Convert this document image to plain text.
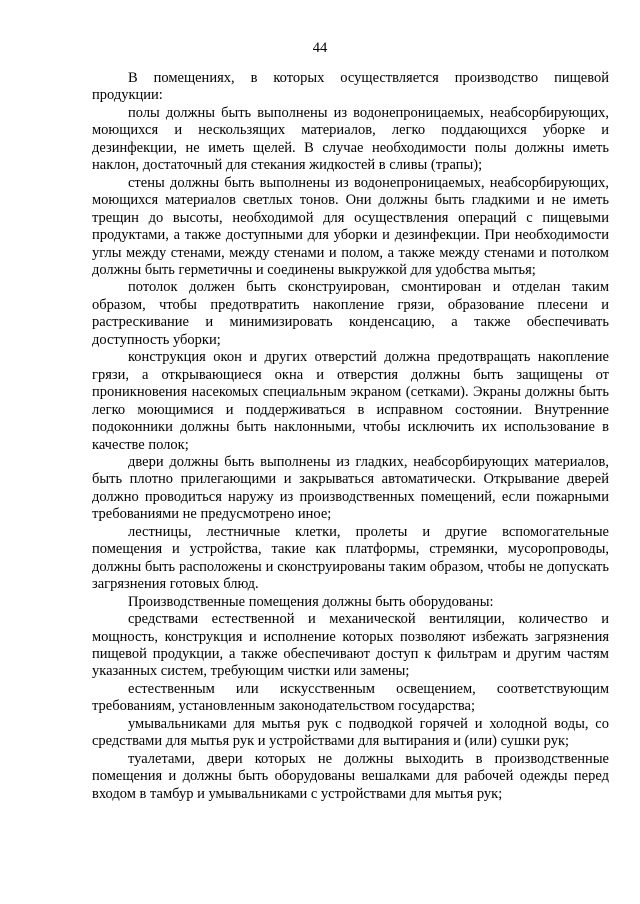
44

В помещениях, в которых осуществляется производство пищевой продукции:

полы должны быть выполнены из водонепроницаемых, неабсорбирующих, моющихся и нескользящих материалов, легко поддающихся уборке и дезинфекции, не иметь щелей. В случае необходимости полы должны иметь наклон, достаточный для стекания жидкостей в сливы (трапы);

стены должны быть выполнены из водонепроницаемых, неабсорбирующих, моющихся материалов светлых тонов. Они должны быть гладкими и не иметь трещин до высоты, необходимой для осуществления операций с пищевыми продуктами, а также доступными для уборки и дезинфекции. При необходимости углы между стенами, между стенами и полом, а также между стенами и потолком должны быть герметичны и соединены выкружкой для удобства мытья;

потолок должен быть сконструирован, смонтирован и отделан таким образом, чтобы предотвратить накопление грязи, образование плесени и растрескивание и минимизировать конденсацию, а также обеспечивать доступность уборки;

конструкция окон и других отверстий должна предотвращать накопление грязи, а открывающиеся окна и отверстия должны быть защищены от проникновения насекомых специальным экраном (сетками). Экраны должны быть легко моющимися и поддерживаться в исправном состоянии. Внутренние подоконники должны быть наклонными, чтобы исключить их использование в качестве полок;

двери должны быть выполнены из гладких, неабсорбирующих материалов, быть плотно прилегающими и закрываться автоматически. Открывание дверей должно проводиться наружу из производственных помещений, если пожарными требованиями не предусмотрено иное;

лестницы, лестничные клетки, пролеты и другие вспомогательные помещения и устройства, такие как платформы, стремянки, мусоропроводы, должны быть расположены и сконструированы таким образом, чтобы не допускать загрязнения готовых блюд.

Производственные помещения должны быть оборудованы:

средствами естественной и механической вентиляции, количество и мощность, конструкция и исполнение которых позволяют избежать загрязнения пищевой продукции, а также обеспечивают доступ к фильтрам и другим частям указанных систем, требующим чистки или замены;

естественным или искусственным освещением, соответствующим требованиям, установленным законодательством государства;

умывальниками для мытья рук с подводкой горячей и холодной воды, со средствами для мытья рук и устройствами для вытирания и (или) сушки рук;

туалетами, двери которых не должны выходить в производственные помещения и должны быть оборудованы вешалками для рабочей одежды перед входом в тамбур и умывальниками с устройствами для мытья рук;
